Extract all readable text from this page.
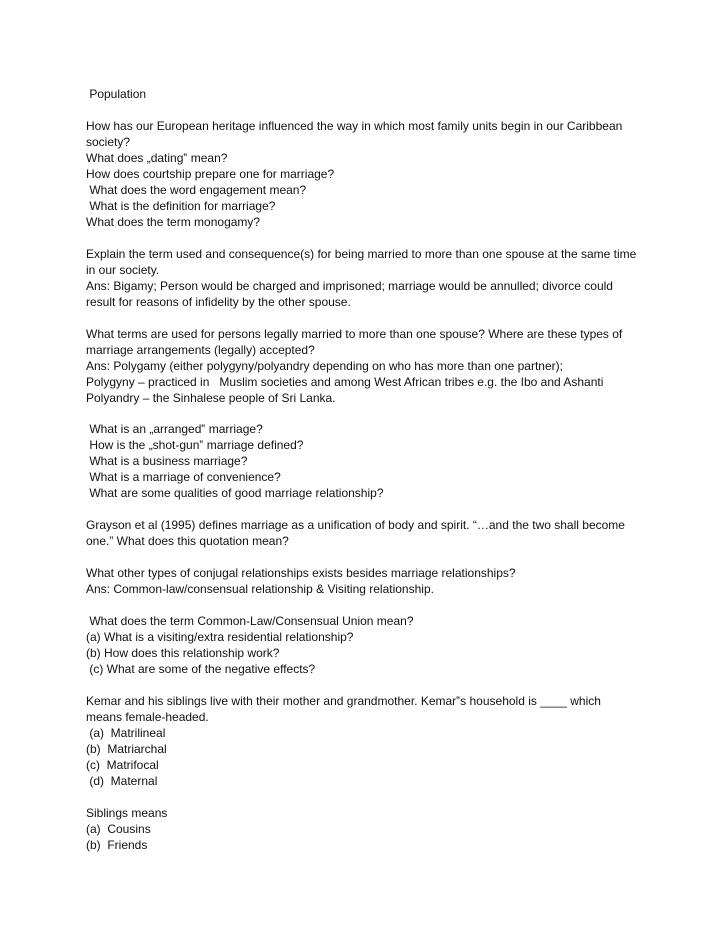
Population
How has our European heritage influenced the way in which most family units begin in our Caribbean
society?
What does „dating‟ mean?
How does courtship prepare one for marriage?
What does the word engagement mean?
What is the definition for marriage?
What does the term monogamy?
Explain the term used and consequence(s) for being married to more than one spouse at the same time
in our society.
Ans: Bigamy; Person would be charged and imprisoned; marriage would be annulled; divorce could
result for reasons of infidelity by the other spouse.
What terms are used for persons legally married to more than one spouse? Where are these types of
marriage arrangements (legally) accepted?
Ans: Polygamy (either polygyny/polyandry depending on who has more than one partner);
Polygyny – practiced in   Muslim societies and among West African tribes e.g. the Ibo and Ashanti
Polyandry – the Sinhalese people of Sri Lanka.
What is an „arranged‟ marriage?
How is the „shot-gun‟ marriage defined?
What is a business marriage?
What is a marriage of convenience?
What are some qualities of good marriage relationship?
Grayson et al (1995) defines marriage as a unification of body and spirit. “…and the two shall become
one.” What does this quotation mean?
What other types of conjugal relationships exists besides marriage relationships?
Ans: Common-law/consensual relationship & Visiting relationship.
What does the term Common-Law/Consensual Union mean?
(a) What is a visiting/extra residential relationship?
(b) How does this relationship work?
(c) What are some of the negative effects?
Kemar and his siblings live with their mother and grandmother. Kemar‟s household is ____ which
means female-headed.
(a)  Matrilineal
(b)  Matriarchal
(c)  Matrifocal
(d)  Maternal
Siblings means
(a)  Cousins
(b)  Friends
